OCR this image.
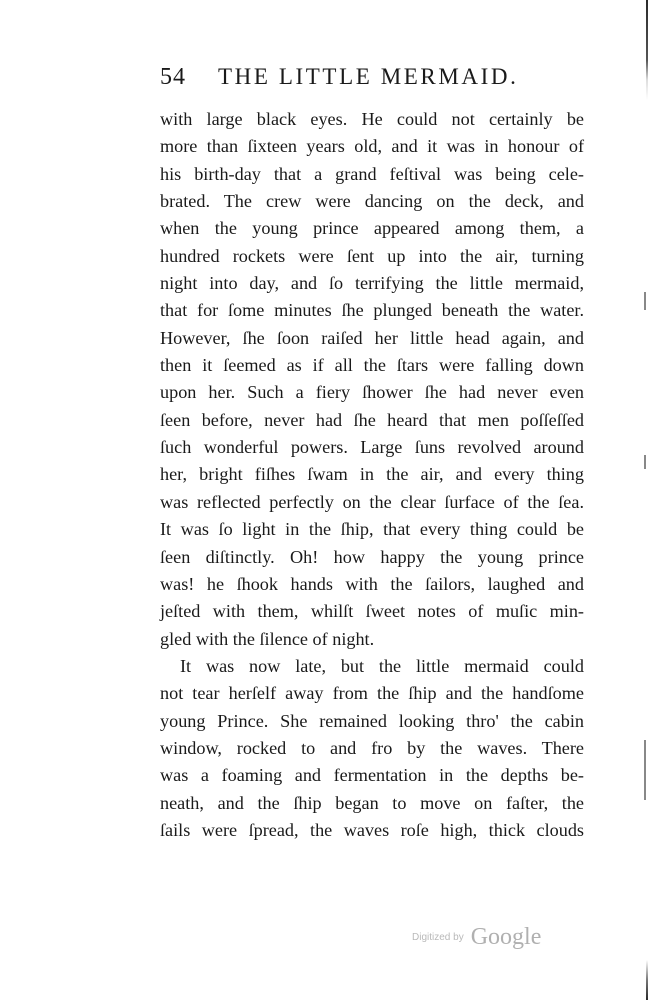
54 THE LITTLE MERMAID.
with large black eyes. He could not certainly be
more than ſixteen years old, and it was in honour of
his birth-day that a grand feſtival was being cele-
brated. The crew were dancing on the deck, and
when the young prince appeared among them, a
hundred rockets were ſent up into the air, turning
night into day, and ſo terrifying the little mermaid,
that for ſome minutes ſhe plunged beneath the water.
However, ſhe ſoon raiſed her little head again, and
then it ſeemed as if all the ſtars were falling down
upon her. Such a fiery ſhower ſhe had never even
ſeen before, never had ſhe heard that men poſſeſſed
ſuch wonderful powers. Large ſuns revolved around
her, bright fiſhes ſwam in the air, and every thing
was reflected perfectly on the clear ſurface of the ſea.
It was ſo light in the ſhip, that every thing could be
ſeen diſtinctly. Oh! how happy the young prince
was! he ſhook hands with the ſailors, laughed and
jeſted with them, whilſt ſweet notes of muſic min-
gled with the ſilence of night.
It was now late, but the little mermaid could
not tear herſelf away from the ſhip and the handſome
young Prince. She remained looking thro' the cabin
window, rocked to and fro by the waves. There
was a foaming and fermentation in the depths be-
neath, and the ſhip began to move on faſter, the
ſails were ſpread, the waves roſe high, thick clouds
Digitized by Google
